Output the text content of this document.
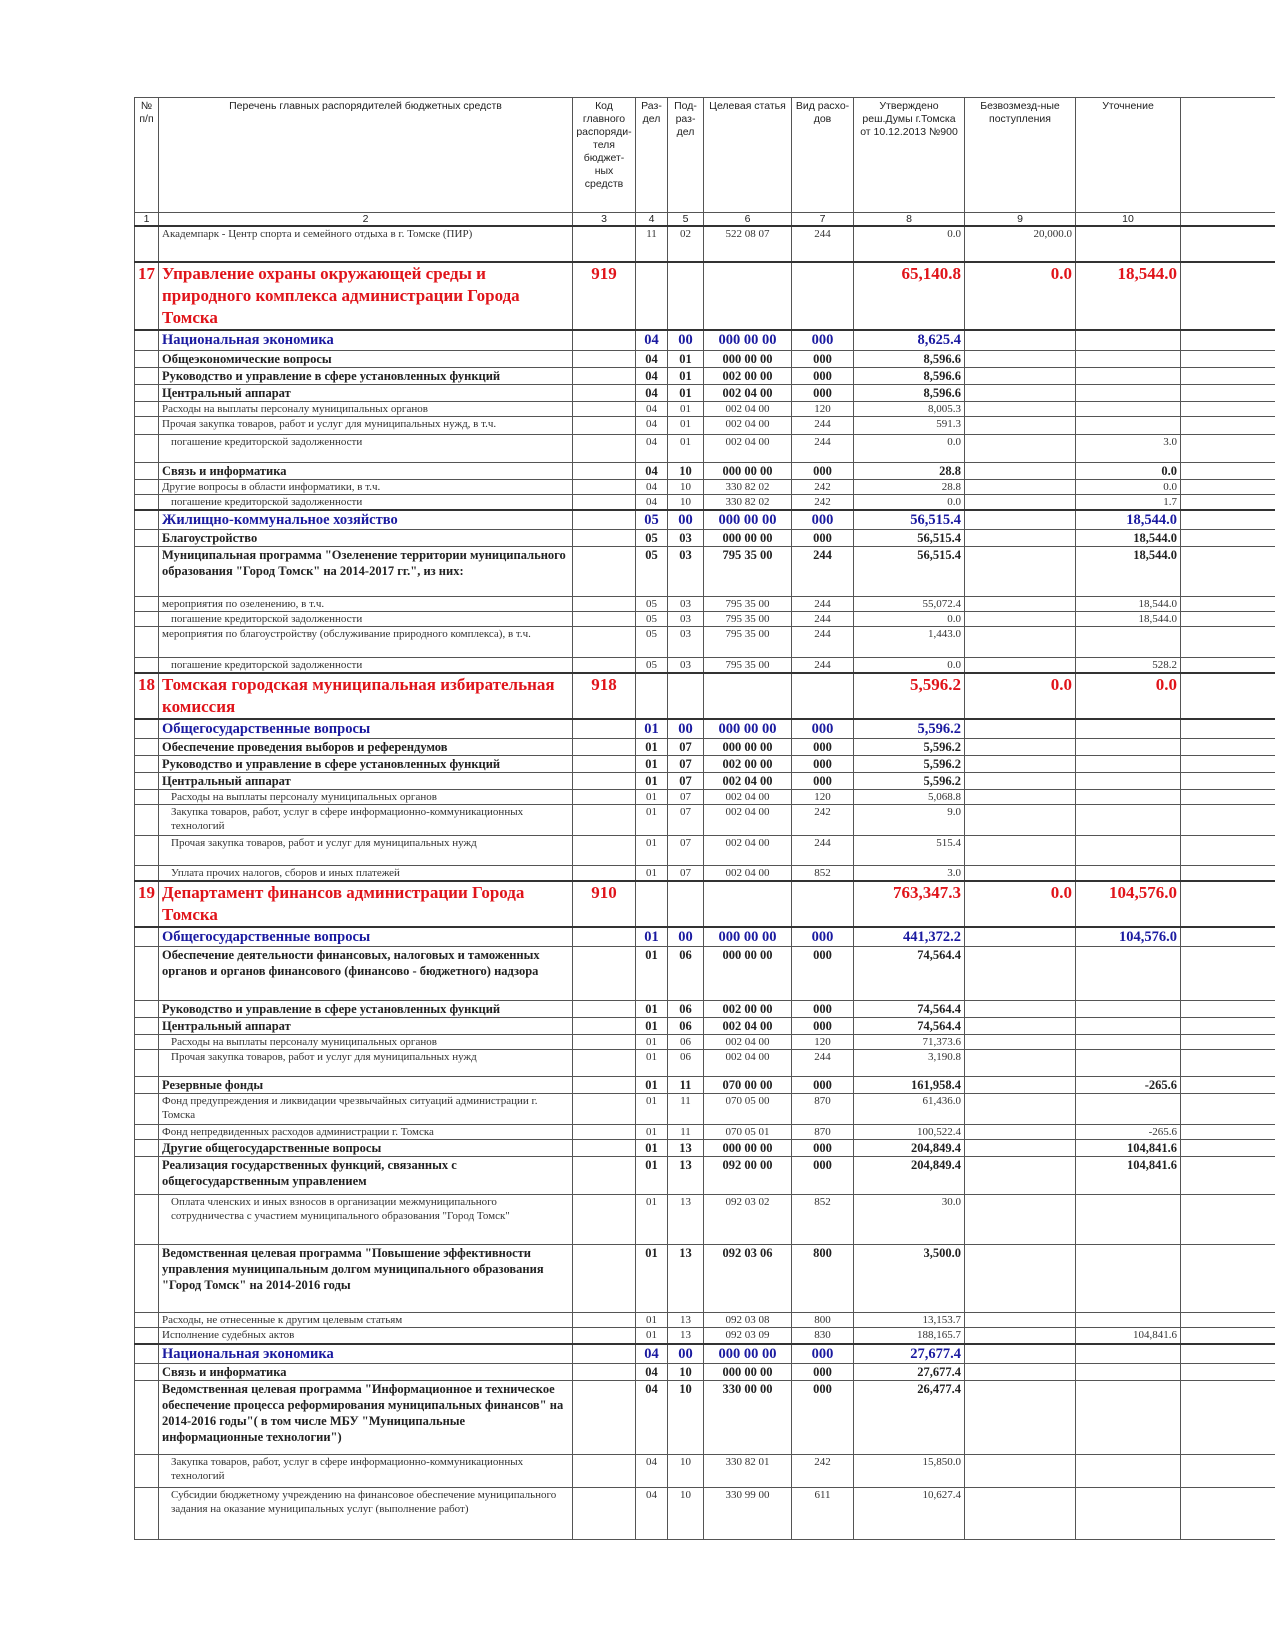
№ п/п	Перечень главных распорядителей бюджетных средств	Код главного распоряди-теля бюджет-ных средств	Раз-дел	Под-раз-дел	Целевая статья	Вид расхо-дов	Утверждено реш.Думы г.Томска от 10.12.2013 №900	Безвозмезд-ные поступления	Уточнение	
1	2	3	4	5	6	7	8	9	10	
	Академпарк - Центр спорта и семейного отдыха в г. Томске (ПИР)		11	02	522 08 07	244	0.0	20,000.0		
17	Управление охраны окружающей среды и природного комплекса администрации Города Томска	919					65,140.8	0.0	18,544.0	
	Национальная экономика		04	00	000 00 00	000	8,625.4			
	Общеэкономические вопросы		04	01	000 00 00	000	8,596.6			
	Руководство и управление в сфере установленных функций		04	01	002 00 00	000	8,596.6			
	Центральный аппарат		04	01	002 04 00	000	8,596.6			
	Расходы на выплаты персоналу муниципальных органов		04	01	002 04 00	120	8,005.3			
	Прочая закупка товаров, работ и услуг для муниципальных нужд, в т.ч.		04	01	002 04 00	244	591.3			
	погашение кредиторской задолженности		04	01	002 04 00	244	0.0		3.0	
	Связь и информатика		04	10	000 00 00	000	28.8		0.0	
	Другие вопросы в области информатики, в т.ч.		04	10	330 82 02	242	28.8		0.0	
	погашение кредиторской задолженности		04	10	330 82 02	242	0.0		1.7	
	Жилищно-коммунальное хозяйство		05	00	000 00 00	000	56,515.4		18,544.0	
	Благоустройство		05	03	000 00 00	000	56,515.4		18,544.0	
	Муниципальная программа "Озеленение территории муниципального образования "Город Томск" на 2014-2017 гг.", из них:		05	03	795 35 00	244	56,515.4		18,544.0	
	мероприятия по озеленению, в т.ч.		05	03	795 35 00	244	55,072.4		18,544.0	
	погашение кредиторской задолженности		05	03	795 35 00	244	0.0		18,544.0	
	мероприятия по благоустройству (обслуживание природного комплекса), в т.ч.		05	03	795 35 00	244	1,443.0			
	погашение кредиторской задолженности		05	03	795 35 00	244	0.0		528.2	
18	Томская городская муниципальная избирательная комиссия	918					5,596.2	0.0	0.0	
	Общегосударственные вопросы		01	00	000 00 00	000	5,596.2			
	Обеспечение проведения выборов и референдумов		01	07	000 00 00	000	5,596.2			
	Руководство и управление в сфере установленных функций		01	07	002 00 00	000	5,596.2			
	Центральный аппарат		01	07	002 04 00	000	5,596.2			
	Расходы на выплаты персоналу муниципальных органов		01	07	002 04 00	120	5,068.8			
	Закупка товаров, работ, услуг в сфере информационно-коммуникационных технологий		01	07	002 04 00	242	9.0			
	Прочая закупка товаров, работ и услуг для муниципальных нужд		01	07	002 04 00	244	515.4			
	Уплата прочих налогов, сборов и иных платежей		01	07	002 04 00	852	3.0			
19	Департамент финансов администрации Города Томска	910					763,347.3	0.0	104,576.0	
	Общегосударственные вопросы		01	00	000 00 00	000	441,372.2		104,576.0	
	Обеспечение деятельности финансовых, налоговых и таможенных органов и органов финансового (финансово - бюджетного) надзора		01	06	000 00 00	000	74,564.4			
	Руководство и управление в сфере установленных функций		01	06	002 00 00	000	74,564.4			
	Центральный аппарат		01	06	002 04 00	000	74,564.4			
	Расходы на выплаты персоналу муниципальных органов		01	06	002 04 00	120	71,373.6			
	Прочая закупка товаров, работ и услуг для муниципальных нужд		01	06	002 04 00	244	3,190.8			
	Резервные фонды		01	11	070 00 00	000	161,958.4		-265.6	
	Фонд предупреждения и ликвидации чрезвычайных ситуаций администрации г. Томска		01	11	070 05 00	870	61,436.0			
	Фонд непредвиденных расходов администрации г. Томска		01	11	070 05 01	870	100,522.4		-265.6	
	Другие общегосударственные вопросы		01	13	000 00 00	000	204,849.4		104,841.6	
	Реализация государственных функций, связанных с общегосударственным управлением		01	13	092 00 00	000	204,849.4		104,841.6	
	Оплата членских и иных взносов в организации межмуниципального сотрудничества с участием муниципального образования "Город Томск"		01	13	092 03 02	852	30.0			
	Ведомственная целевая программа "Повышение эффективности управления муниципальным долгом муниципального образования "Город Томск" на 2014-2016 годы		01	13	092 03 06	800	3,500.0			
	Расходы, не отнесенные к другим целевым статьям		01	13	092 03 08	800	13,153.7			
	Исполнение судебных актов		01	13	092 03 09	830	188,165.7		104,841.6	
	Национальная экономика		04	00	000 00 00	000	27,677.4			
	Связь и информатика		04	10	000 00 00	000	27,677.4			
	Ведомственная целевая программа "Информационное и техническое обеспечение процесса реформирования муниципальных финансов" на 2014-2016 годы"( в том числе МБУ "Муниципальные информационные технологии")		04	10	330 00 00	000	26,477.4			
	Закупка товаров, работ, услуг в сфере информационно-коммуникационных технологий		04	10	330 82 01	242	15,850.0			
	Субсидии бюджетному учреждению на финансовое обеспечение муниципального задания на оказание муниципальных услуг (выполнение работ)		04	10	330 99 00	611	10,627.4			
